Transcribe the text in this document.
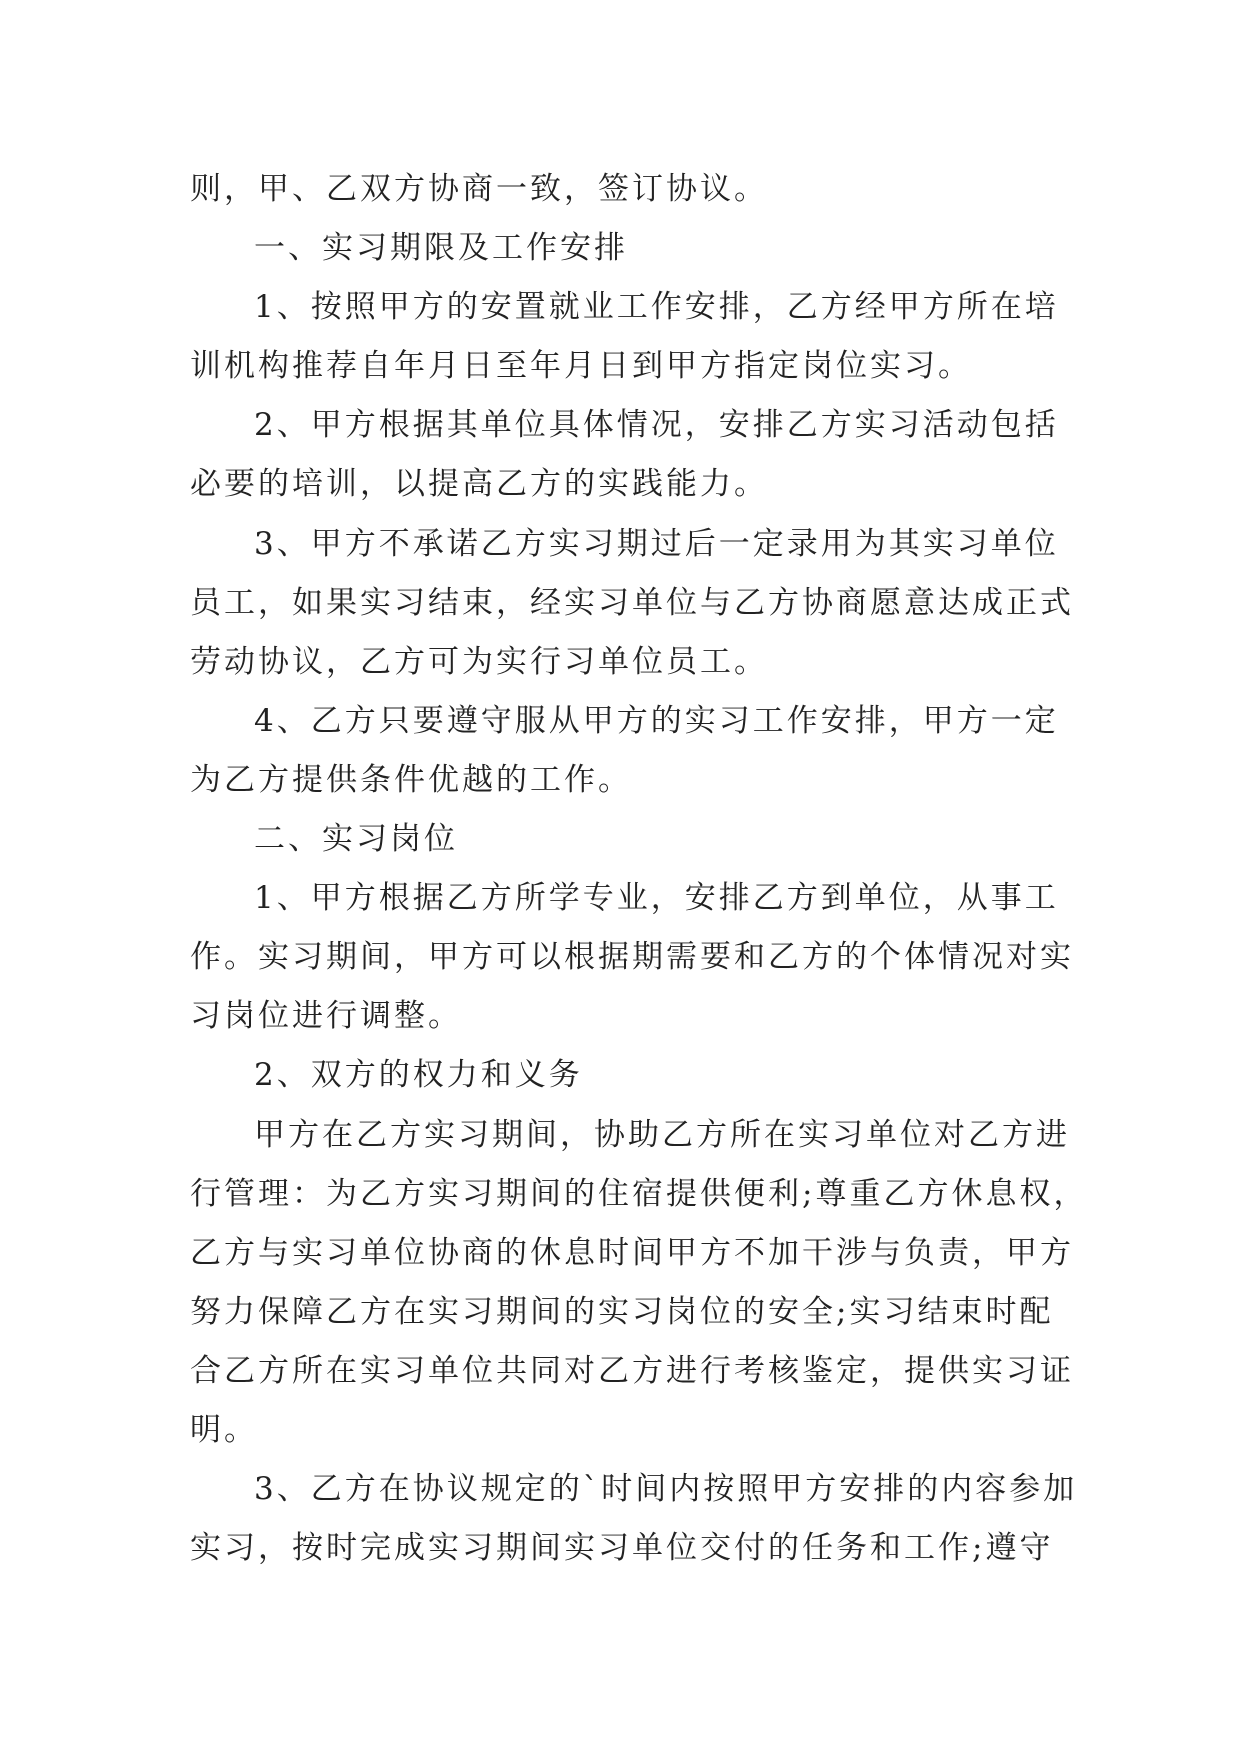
则，甲、乙双方协商一致，签订协议。

一、实习期限及工作安排

1、按照甲方的安置就业工作安排，乙方经甲方所在培

训机构推荐自年月日至年月日到甲方指定岗位实习。

2、甲方根据其单位具体情况，安排乙方实习活动包括

必要的培训，以提高乙方的实践能力。

3、甲方不承诺乙方实习期过后一定录用为其实习单位

员工，如果实习结束，经实习单位与乙方协商愿意达成正式

劳动协议，乙方可为实行习单位员工。

4、乙方只要遵守服从甲方的实习工作安排，甲方一定

为乙方提供条件优越的工作。

二、实习岗位

1、甲方根据乙方所学专业，安排乙方到单位，从事工

作。实习期间，甲方可以根据期需要和乙方的个体情况对实

习岗位进行调整。

2、双方的权力和义务

甲方在乙方实习期间，协助乙方所在实习单位对乙方进

行管理：为乙方实习期间的住宿提供便利;尊重乙方休息权，

乙方与实习单位协商的休息时间甲方不加干涉与负责，甲方

努力保障乙方在实习期间的实习岗位的安全;实习结束时配

合乙方所在实习单位共同对乙方进行考核鉴定，提供实习证

明。

3、乙方在协议规定的`时间内按照甲方安排的内容参加

实习，按时完成实习期间实习单位交付的任务和工作;遵守
